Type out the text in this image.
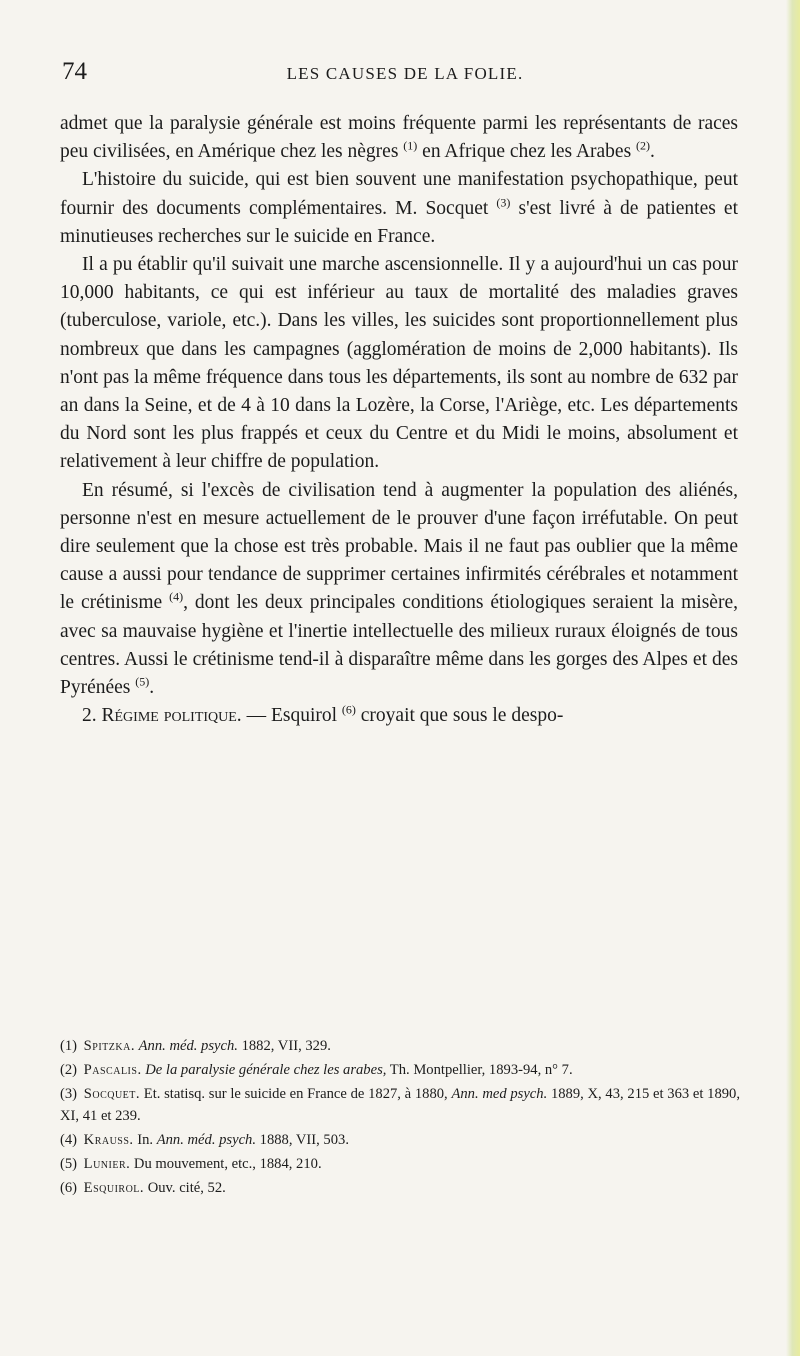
74	LES CAUSES DE LA FOLIE.

admet que la paralysie générale est moins fréquente parmi les représentants de races peu civilisées, en Amérique chez les nègres $^{(1)}$ en Afrique chez les Arabes $^{(2)}$.

L'histoire du suicide, qui est bien souvent une manifestation psychopathique, peut fournir des documents complémentaires. M. Socquet $^{(3)}$ s'est livré à de patientes et minutieuses recherches sur le suicide en France.

Il a pu établir qu'il suivait une marche ascensionnelle. Il y a aujourd'hui un cas pour 10,000 habitants, ce qui est inférieur au taux de mortalité des maladies graves (tuberculose, variole, etc.). Dans les villes, les suicides sont proportionnellement plus nombreux que dans les campagnes (agglomération de moins de 2,000 habitants). Ils n'ont pas la même fréquence dans tous les départements, ils sont au nombre de 632 par an dans la Seine, et de 4 à 10 dans la Lozère, la Corse, l'Ariège, etc. Les départements du Nord sont les plus frappés et ceux du Centre et du Midi le moins, absolument et relativement à leur chiffre de population.

En résumé, si l'excès de civilisation tend à augmenter la population des aliénés, personne n'est en mesure actuellement de le prouver d'une façon irréfutable. On peut dire seulement que la chose est très probable. Mais il ne faut pas oublier que la même cause a aussi pour tendance de supprimer certaines infirmités cérébrales et notamment le crétinisme $^{(4)}$, dont les deux principales conditions étiologiques seraient la misère, avec sa mauvaise hygiène et l'inertie intellectuelle des milieux ruraux éloignés de tous centres. Aussi le crétinisme tend-il à disparaître même dans les gorges des Alpes et des Pyrénées $^{(5)}$.

2. Régime politique. — Esquirol $^{(6)}$ croyait que sous le despo-

(1) Spitzka. Ann. méd. psych. 1882, VII, 329.
(2) Pascalis. De la paralysie générale chez les arabes, Th. Montpellier, 1893-94, n° 7.
(3) Socquet. Et. statisq. sur le suicide en France de 1827, à 1880, Ann. med psych. 1889, X, 43, 215 et 363 et 1890, XI, 41 et 239.
(4) Krauss. In. Ann. méd. psych. 1888, VII, 503.
(5) Lunier. Du mouvement, etc., 1884, 210.
(6) Esquirol. Ouv. cité, 52.
